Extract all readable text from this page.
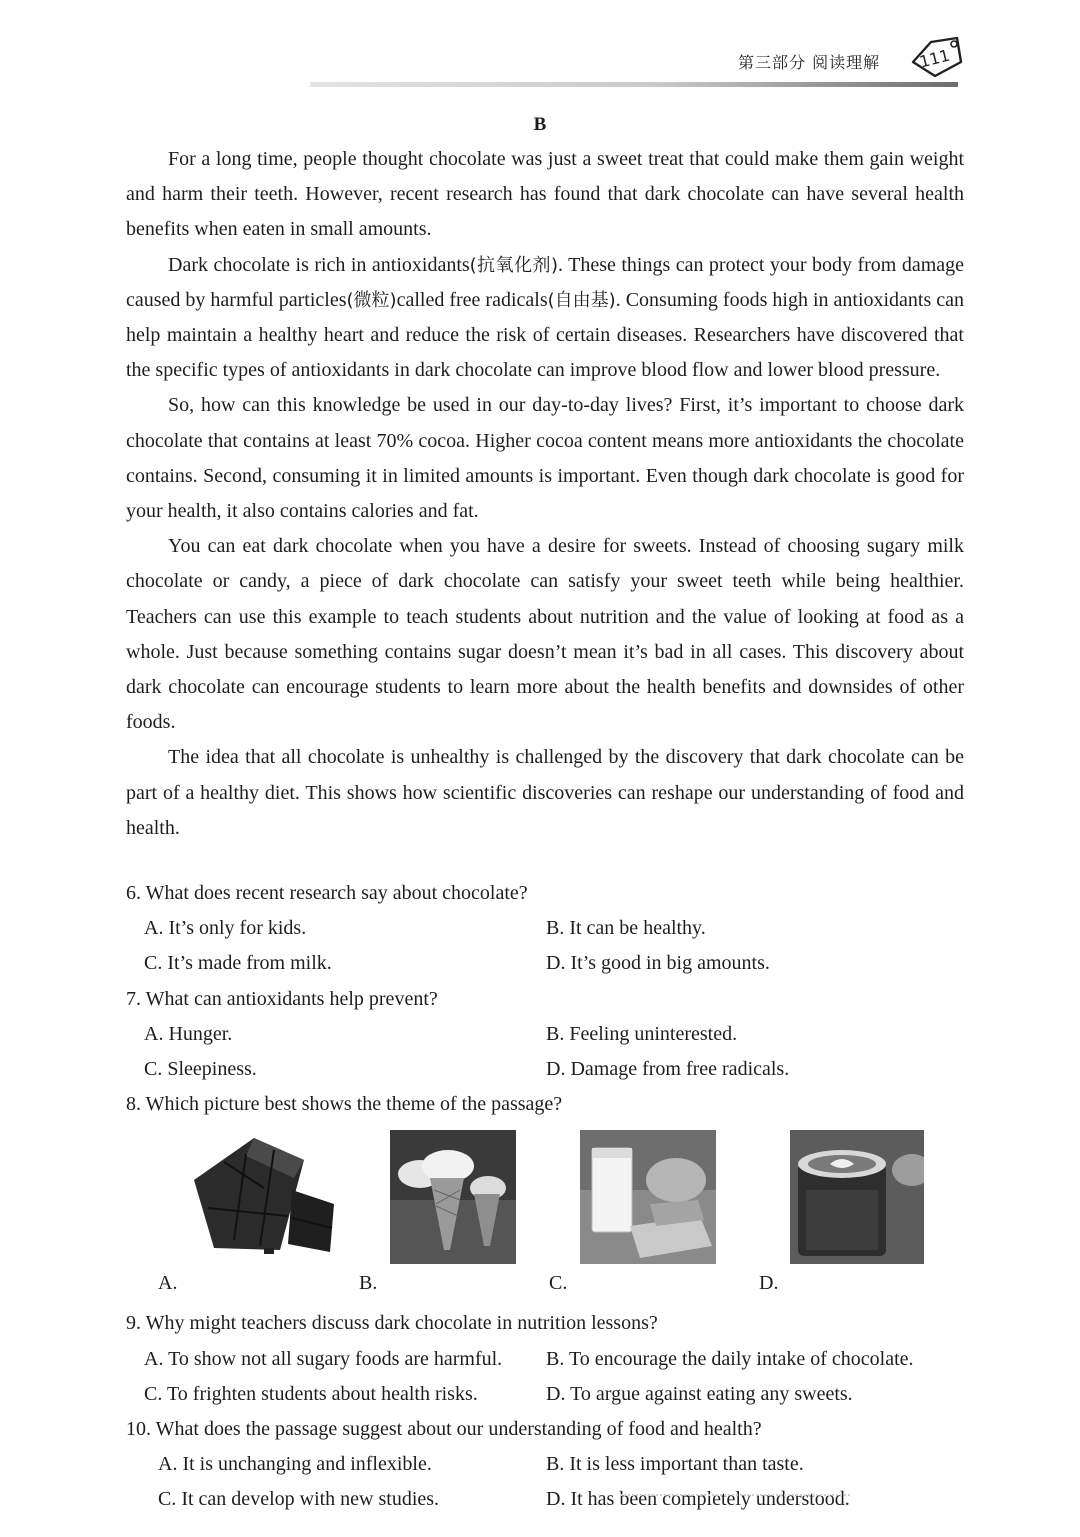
第三部分 阅读理解 111
B

For a long time, people thought chocolate was just a sweet treat that could make them gain weight and harm their teeth. However, recent research has found that dark chocolate can have several health benefits when eaten in small amounts.

Dark chocolate is rich in antioxidants(抗氧化剂). These things can protect your body from damage caused by harmful particles(微粒)called free radicals(自由基). Consuming foods high in antioxidants can help maintain a healthy heart and reduce the risk of certain diseases. Researchers have discovered that the specific types of antioxidants in dark chocolate can improve blood flow and lower blood pressure.

So, how can this knowledge be used in our day-to-day lives? First, it’s important to choose dark chocolate that contains at least 70% cocoa. Higher cocoa content means more antioxidants the chocolate contains. Second, consuming it in limited amounts is important. Even though dark chocolate is good for your health, it also contains calories and fat.

You can eat dark chocolate when you have a desire for sweets. Instead of choosing sugary milk chocolate or candy, a piece of dark chocolate can satisfy your sweet teeth while being healthier. Teachers can use this example to teach students about nutrition and the value of looking at food as a whole. Just because something contains sugar doesn’t mean it’s bad in all cases. This discovery about dark chocolate can encourage students to learn more about the health benefits and downsides of other foods.

The idea that all chocolate is unhealthy is challenged by the discovery that dark chocolate can be part of a healthy diet. This shows how scientific discoveries can reshape our understanding of food and health.

6. What does recent research say about chocolate?
A. It’s only for kids.	B. It can be healthy.
C. It’s made from milk.	D. It’s good in big amounts.
7. What can antioxidants help prevent?
A. Hunger.	B. Feeling uninterested.
C. Sleepiness.	D. Damage from free radicals.
8. Which picture best shows the theme of the passage?
A.	B.	C.	D.
9. Why might teachers discuss dark chocolate in nutrition lessons?
A. To show not all sugary foods are harmful. B. To encourage the daily intake of chocolate.
C. To frighten students about health risks.	D. To argue against eating any sweets.
10. What does the passage suggest about our understanding of food and health?
A. It is unchanging and inflexible.	B. It is less important than taste.
C. It can develop with new studies.	D. It has been completely understood.
